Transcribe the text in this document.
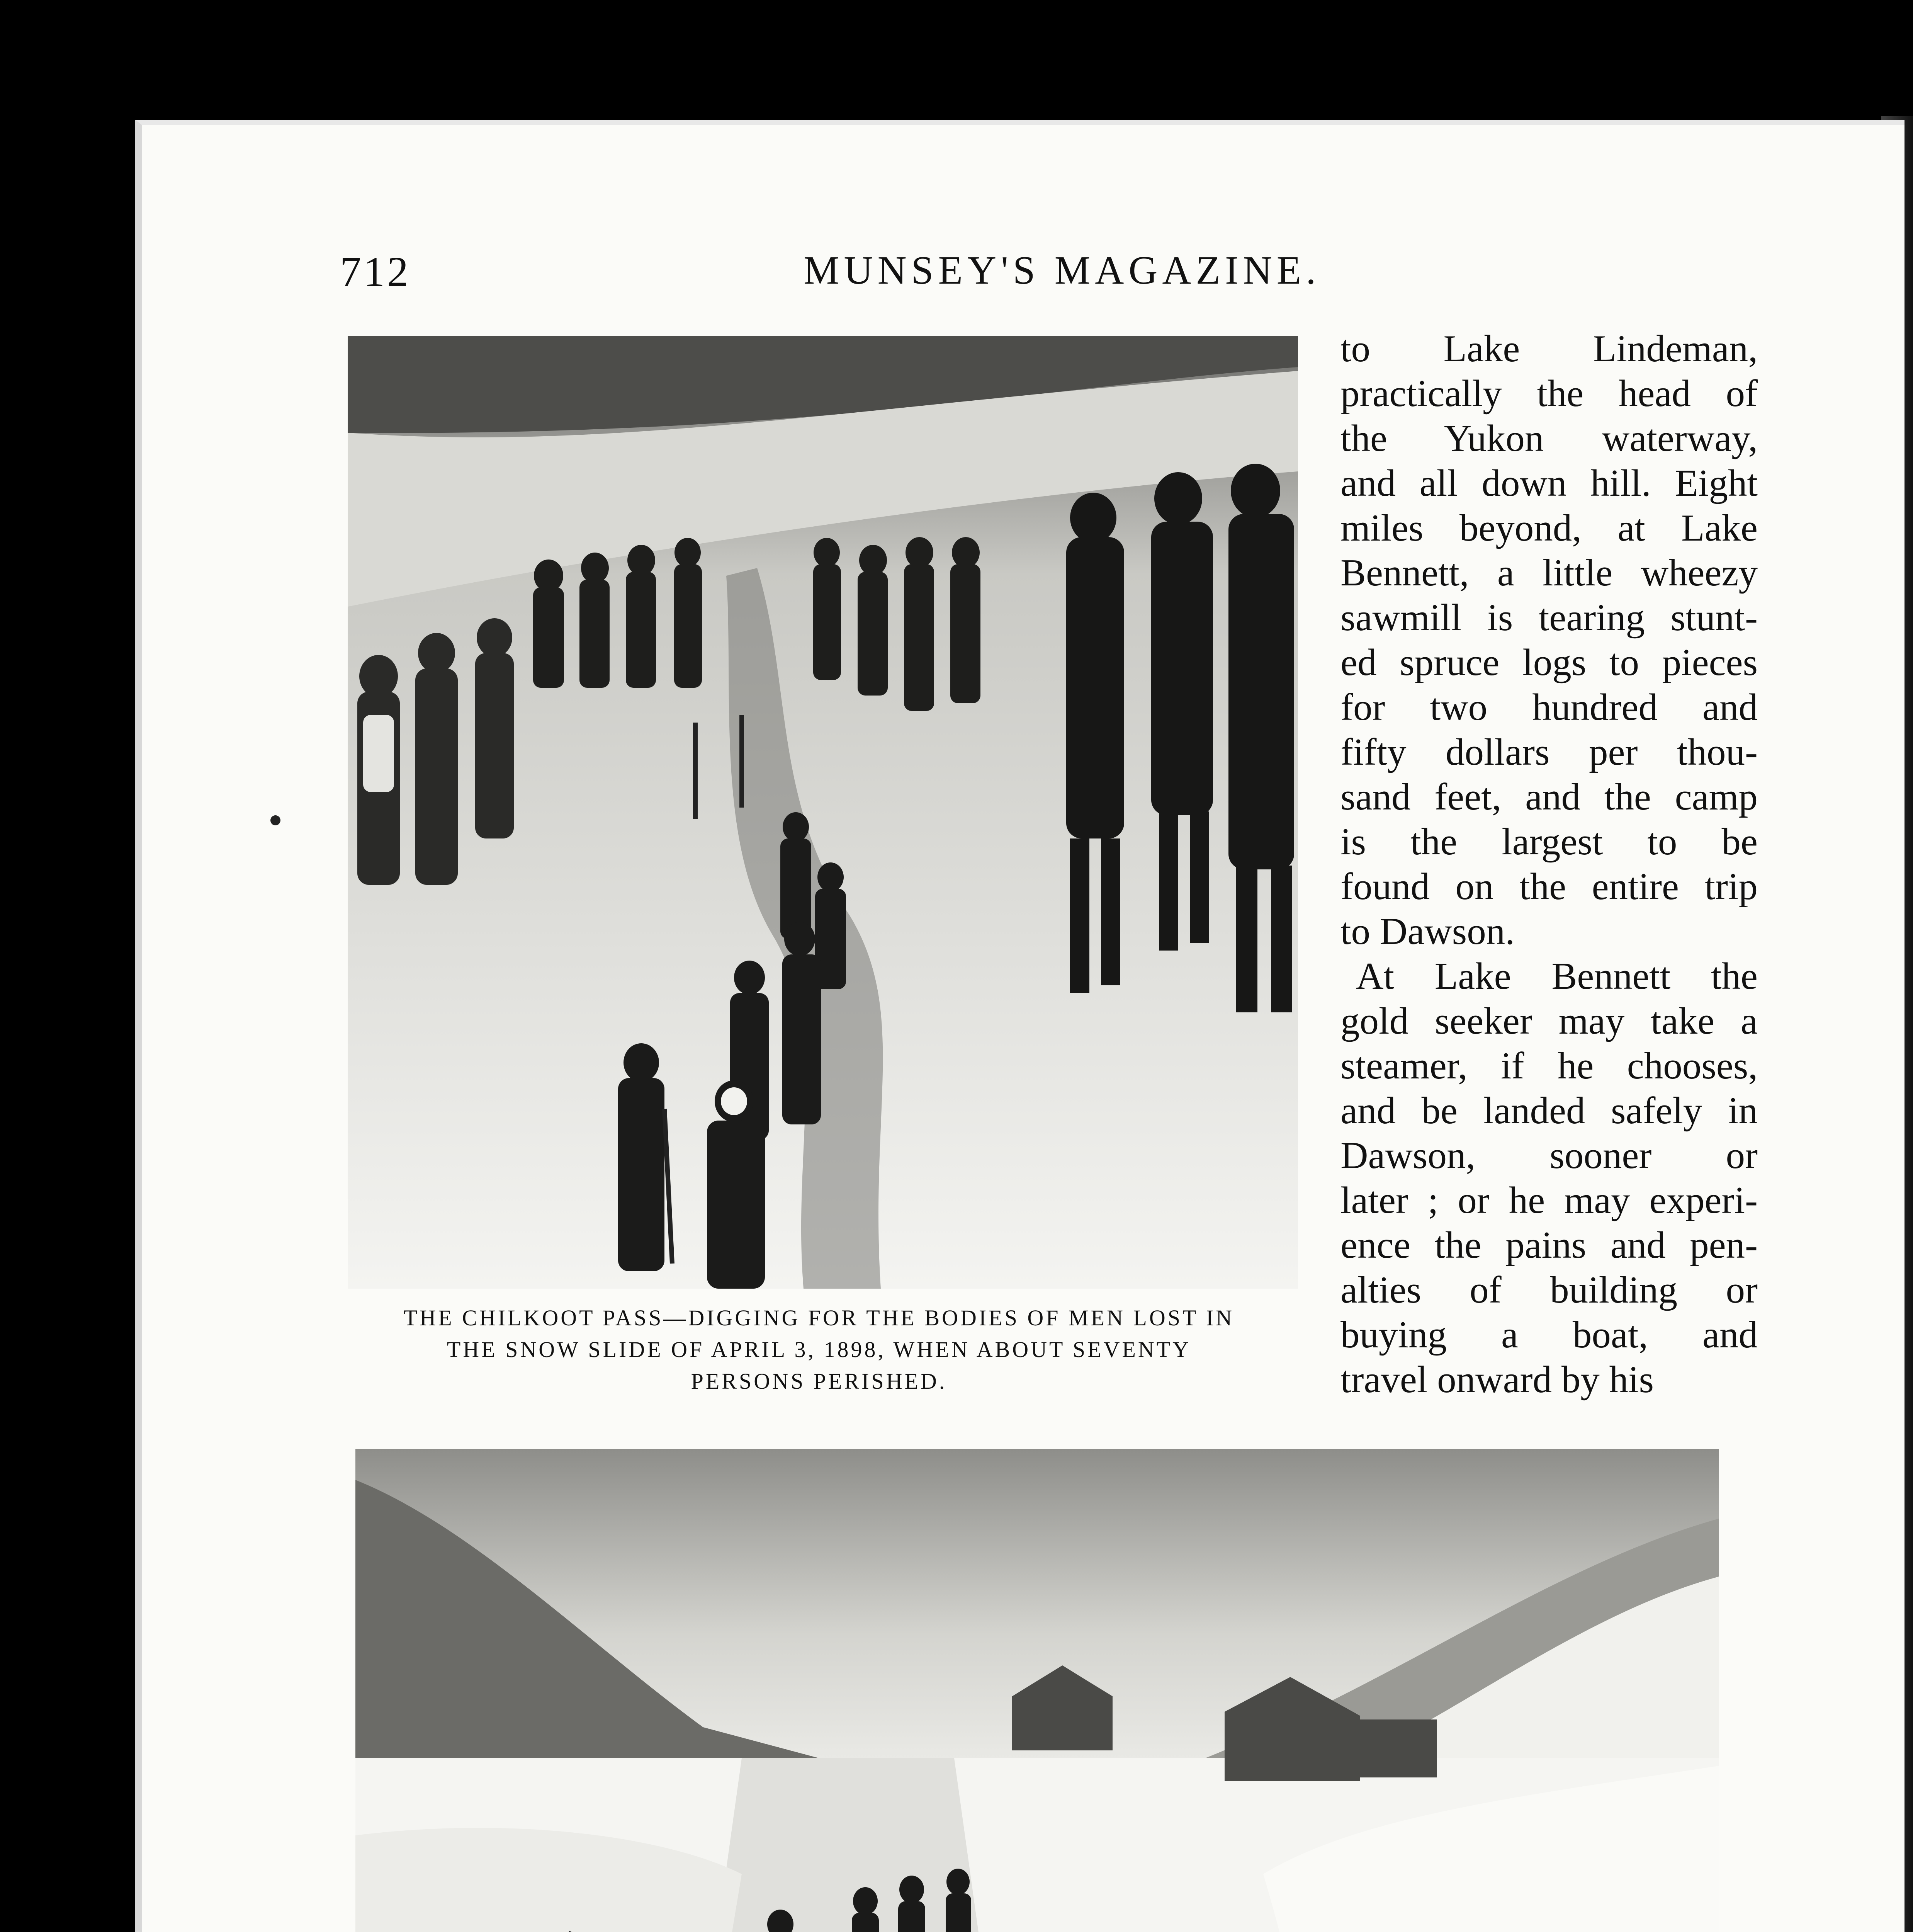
712	MUNSEY'S MAGAZINE.
THE CHILKOOT PASS—DIGGING FOR THE BODIES OF MEN LOST IN
THE SNOW SLIDE OF APRIL 3, 1898, WHEN ABOUT SEVENTY
PERSONS PERISHED.
to Lake Lindeman,
practically the head of
the Yukon waterway,
and all down hill. Eight
miles beyond, at Lake
Bennett, a little wheezy
sawmill is tearing stunt-
ed spruce logs to pieces
for two hundred and
fifty dollars per thou-
sand feet, and the camp
is the largest to be
found on the entire trip
to Dawson.
At Lake Bennett the
gold seeker may take a
steamer, if he chooses,
and be landed safely in
Dawson, sooner or
later ; or he may experi-
ence the pains and pen-
alties of building or
buying a boat, and
travel onward by his
